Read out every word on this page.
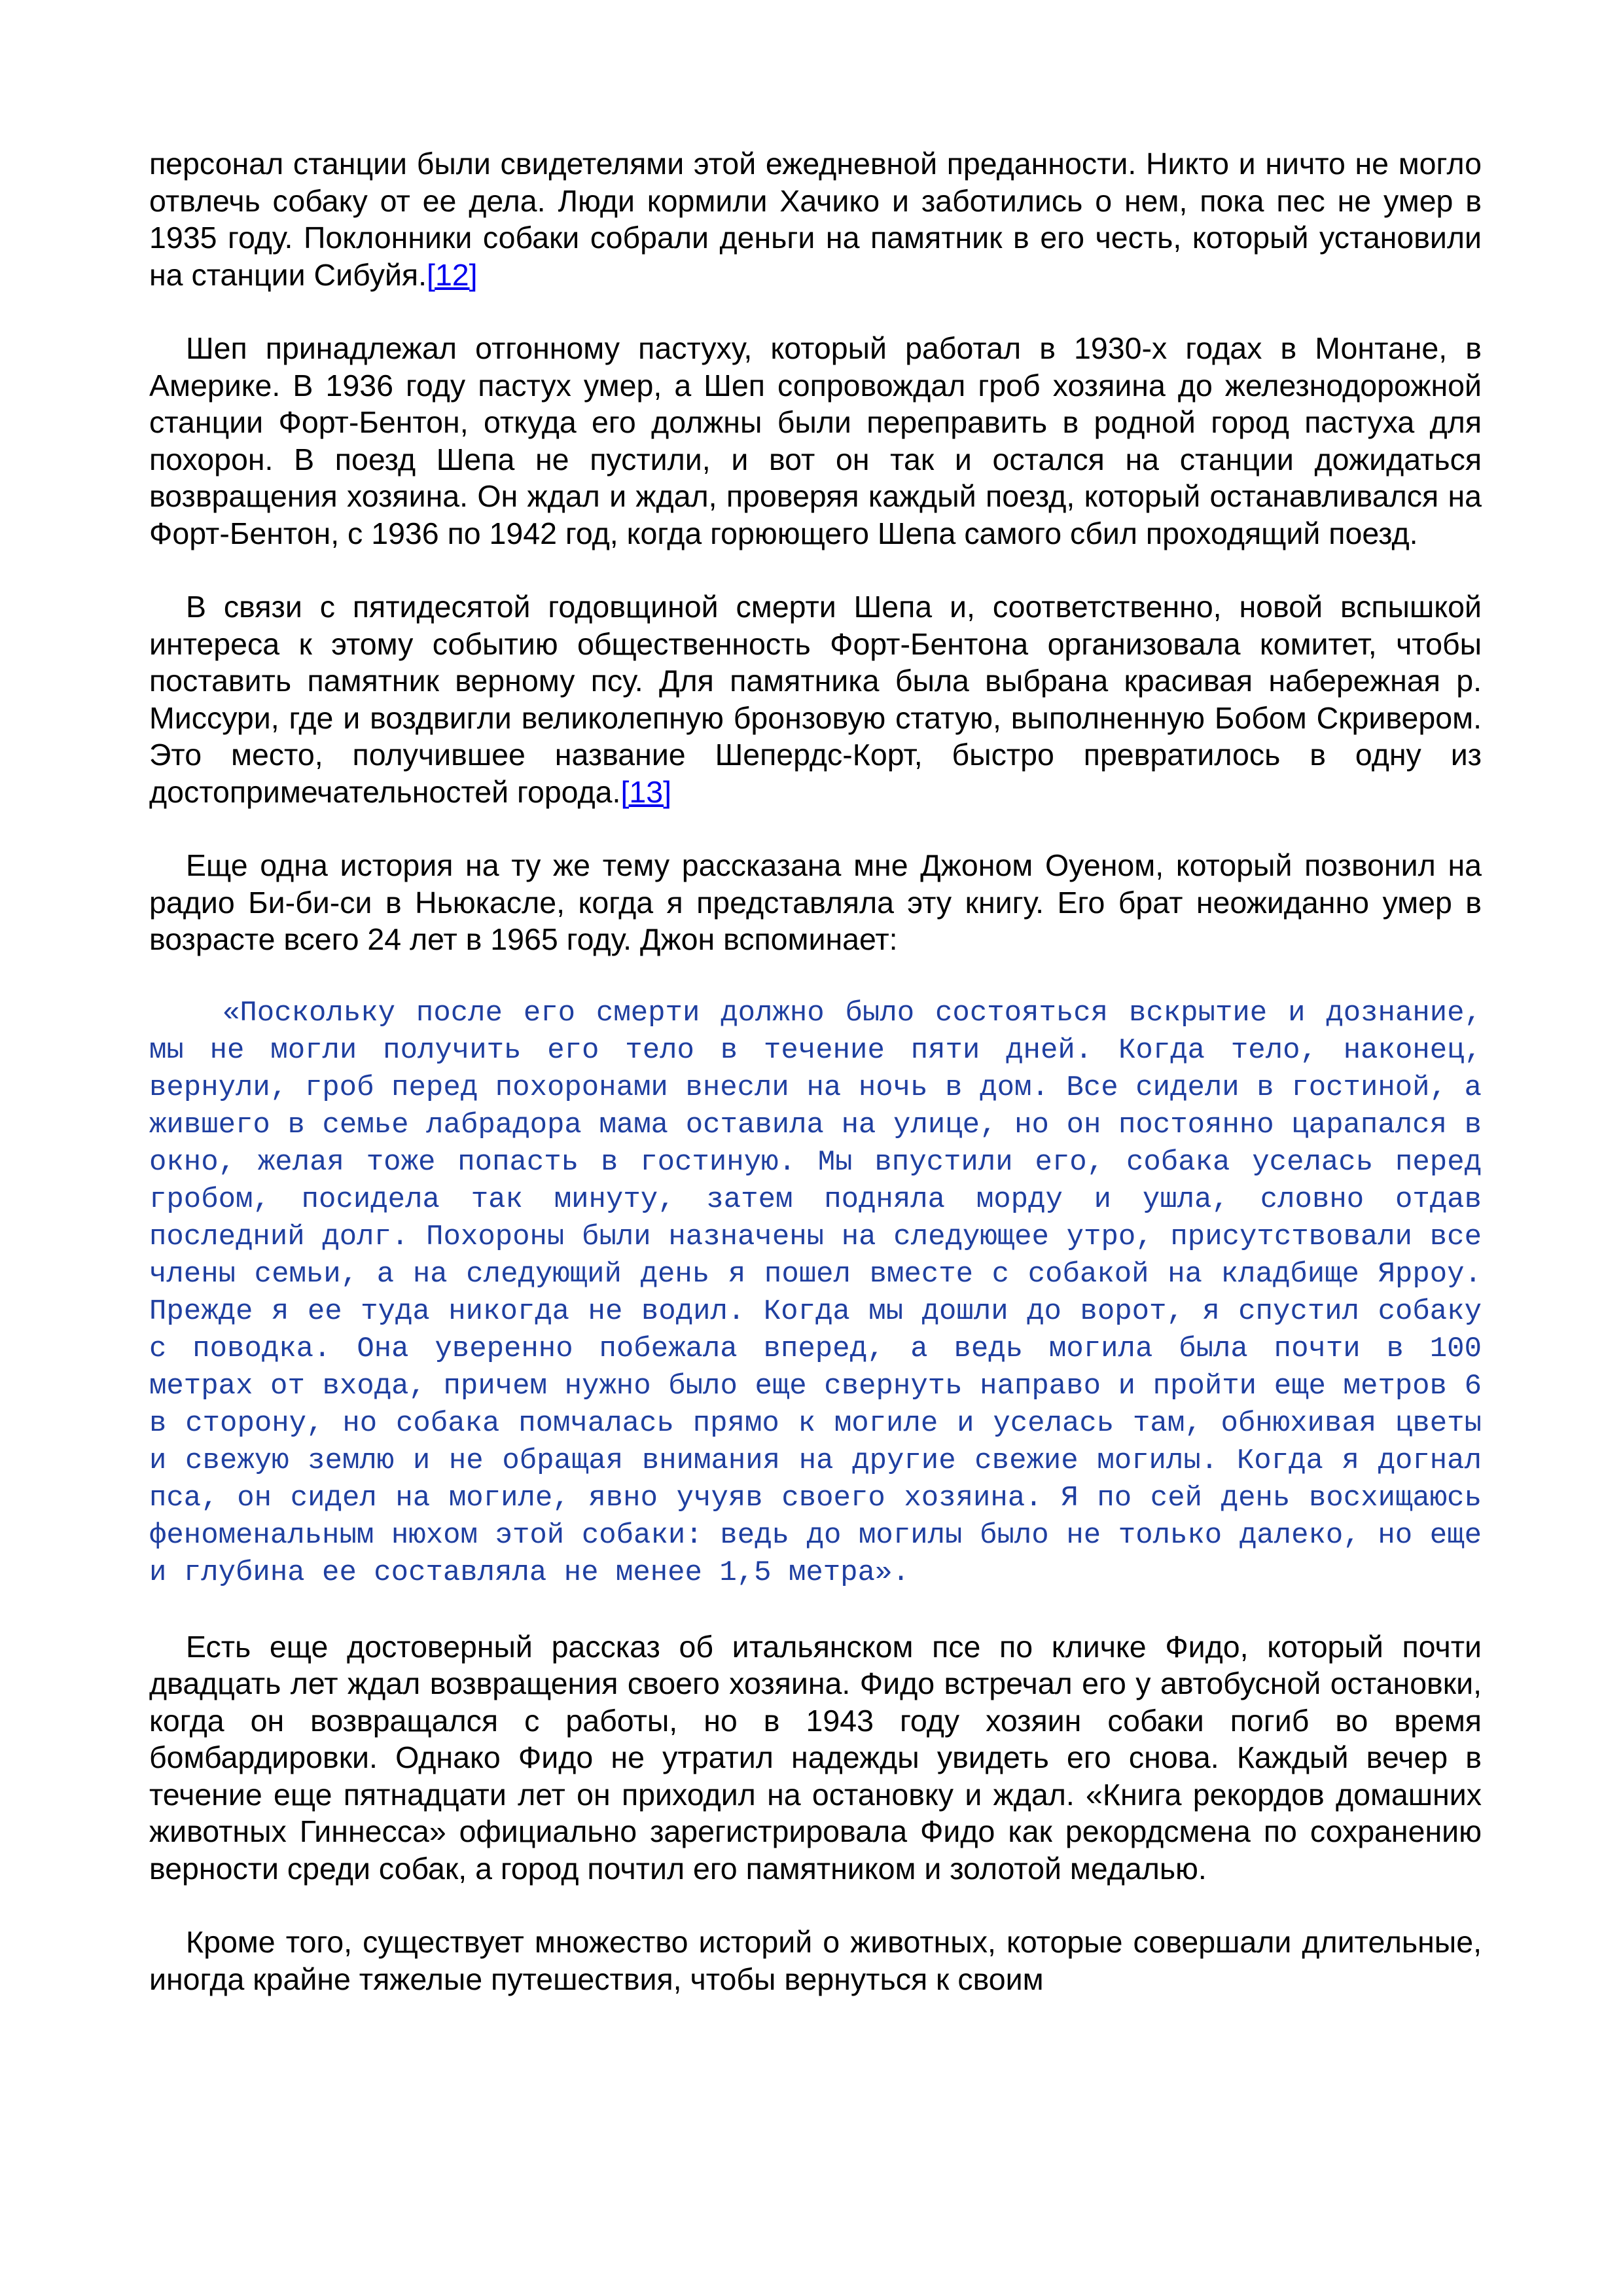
персонал станции были свидетелями этой ежедневной преданности. Никто и ничто не могло отвлечь собаку от ее дела. Люди кормили Хачико и заботились о нем, пока пес не умер в 1935 году. Поклонники собаки собрали деньги на памятник в его честь, который установили на станции Сибуйя.[12]

Шеп принадлежал отгонному пастуху, который работал в 1930-х годах в Монтане, в Америке. В 1936 году пастух умер, а Шеп сопровождал гроб хозяина до железнодорожной станции Форт-Бентон, откуда его должны были переправить в родной город пастуха для похорон. В поезд Шепа не пустили, и вот он так и остался на станции дожидаться возвращения хозяина. Он ждал и ждал, проверяя каждый поезд, который останавливался на Форт-Бентон, с 1936 по 1942 год, когда горюющего Шепа самого сбил проходящий поезд.

В связи с пятидесятой годовщиной смерти Шепа и, соответственно, новой вспышкой интереса к этому событию общественность Форт-Бентона организовала комитет, чтобы поставить памятник верному псу. Для памятника была выбрана красивая набережная р. Миссури, где и воздвигли великолепную бронзовую статую, выполненную Бобом Скривером. Это место, получившее название Шепердс-Корт, быстро превратилось в одну из достопримечательностей города.[13]

Еще одна история на ту же тему рассказана мне Джоном Оуеном, который позвонил на радио Би-би-си в Ньюкасле, когда я представляла эту книгу. Его брат неожиданно умер в возрасте всего 24 лет в 1965 году. Джон вспоминает:

«Поскольку после его смерти должно было состояться вскрытие и дознание, мы не могли получить его тело в течение пяти дней. Когда тело, наконец, вернули, гроб перед похоронами внесли на ночь в дом. Все сидели в гостиной, а жившего в семье лабрадора мама оставила на улице, но он постоянно царапался в окно, желая тоже попасть в гостиную. Мы впустили его, собака уселась перед гробом, посидела так минуту, затем подняла морду и ушла, словно отдав последний долг. Похороны были назначены на следующее утро, присутствовали все члены семьи, а на следующий день я пошел вместе с собакой на кладбище Ярроу. Прежде я ее туда никогда не водил. Когда мы дошли до ворот, я спустил собаку с поводка. Она уверенно побежала вперед, а ведь могила была почти в 100 метрах от входа, причем нужно было еще свернуть направо и пройти еще метров 6 в сторону, но собака помчалась прямо к могиле и уселась там, обнюхивая цветы и свежую землю и не обращая внимания на другие свежие могилы. Когда я догнал пса, он сидел на могиле, явно учуяв своего хозяина. Я по сей день восхищаюсь феноменальным нюхом этой собаки: ведь до могилы было не только далеко, но еще и глубина ее составляла не менее 1,5 метра».

Есть еще достоверный рассказ об итальянском псе по кличке Фидо, который почти двадцать лет ждал возвращения своего хозяина. Фидо встречал его у автобусной остановки, когда он возвращался с работы, но в 1943 году хозяин собаки погиб во время бомбардировки. Однако Фидо не утратил надежды увидеть его снова. Каждый вечер в течение еще пятнадцати лет он приходил на остановку и ждал. «Книга рекордов домашних животных Гиннесса» официально зарегистрировала Фидо как рекордсмена по сохранению верности среди собак, а город почтил его памятником и золотой медалью.

Кроме того, существует множество историй о животных, которые совершали длительные, иногда крайне тяжелые путешествия, чтобы вернуться к своим
